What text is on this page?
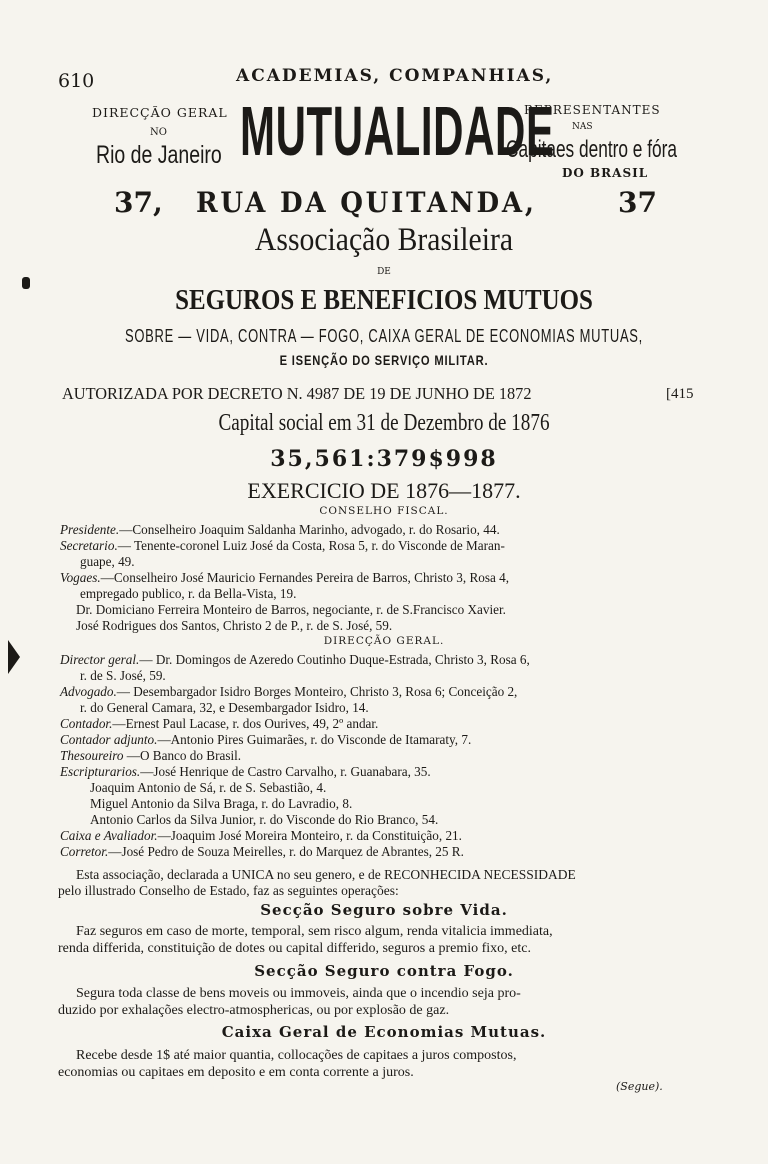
610	ACADEMIAS, COMPANHIAS,
DIRECÇÃO GERAL
NO
Rio de Janeiro MUTUALIDADE
REPRESENTANTES
NAS
Capitaes dentro e fóra
DO BRASIL
37, RUA DA QUITANDA,	37
Associação Brasileira
DE
SEGUROS E BENEFICIOS MUTUOS
SOBRE — VIDA, CONTRA — FOGO, CAIXA GERAL DE ECONOMIAS MUTUAS,
E ISENÇÃO DO SERVIÇO MILITAR.
AUTORIZADA POR DECRETO N. 4987 DE 19 DE JUNHO DE 1872	[415
Capital social em 31 de Dezembro de 1876
35,561:379$998
EXERCICIO DE 1876—1877.
CONSELHO FISCAL.
Presidente.—Conselheiro Joaquim Saldanha Marinho, advogado, r. do Rosario, 44.
Secretario.— Tenente-coronel Luiz José da Costa, Rosa 5, r. do Visconde de Maran-
guape, 49.
Vogaes.—Conselheiro José Mauricio Fernandes Pereira de Barros, Christo 3, Rosa 4,
empregado publico, r. da Bella-Vista, 19.
Dr. Domiciano Ferreira Monteiro de Barros, negociante, r. de S.Francisco Xavier.
José Rodrigues dos Santos, Christo 2 de P., r. de S. José, 59.
DIRECÇÃO GERAL.
Director geral.— Dr. Domingos de Azeredo Coutinho Duque-Estrada, Christo 3, Rosa 6,
r. de S. José, 59.
Advogado.— Desembargador Isidro Borges Monteiro, Christo 3, Rosa 6; Conceição 2,
r. do General Camara, 32, e Desembargador Isidro, 14.
Contador.—Ernest Paul Lacase, r. dos Ourives, 49, 2º andar.
Contador adjunto.—Antonio Pires Guimarães, r. do Visconde de Itamaraty, 7.
Thesoureiro —O Banco do Brasil.
Escripturarios.—José Henrique de Castro Carvalho, r. Guanabara, 35.
Joaquim Antonio de Sá, r. de S. Sebastião, 4.
Miguel Antonio da Silva Braga, r. do Lavradio, 8.
Antonio Carlos da Silva Junior, r. do Visconde do Rio Branco, 54.
Caixa e Avaliador.—Joaquim José Moreira Monteiro, r. da Constituição, 21.
Corretor.—José Pedro de Souza Meirelles, r. do Marquez de Abrantes, 25 R.
Esta associação, declarada a UNICA no seu genero, e de RECONHECIDA NECESSIDADE
pelo illustrado Conselho de Estado, faz as seguintes operações:
Secção Seguro sobre Vida.
Faz seguros em caso de morte, temporal, sem risco algum, renda vitalicia immediata,
renda differida, constituição de dotes ou capital differido, seguros a premio fixo, etc.
Secção Seguro contra Fogo.
Segura toda classe de bens moveis ou immoveis, ainda que o incendio seja pro-
duzido por exhalações electro-atmosphericas, ou por explosão de gaz.
Caixa Geral de Economias Mutuas.
Recebe desde 1$ até maior quantia, collocações de capitaes a juros compostos,
economias ou capitaes em deposito e em conta corrente a juros.
(Segue).
